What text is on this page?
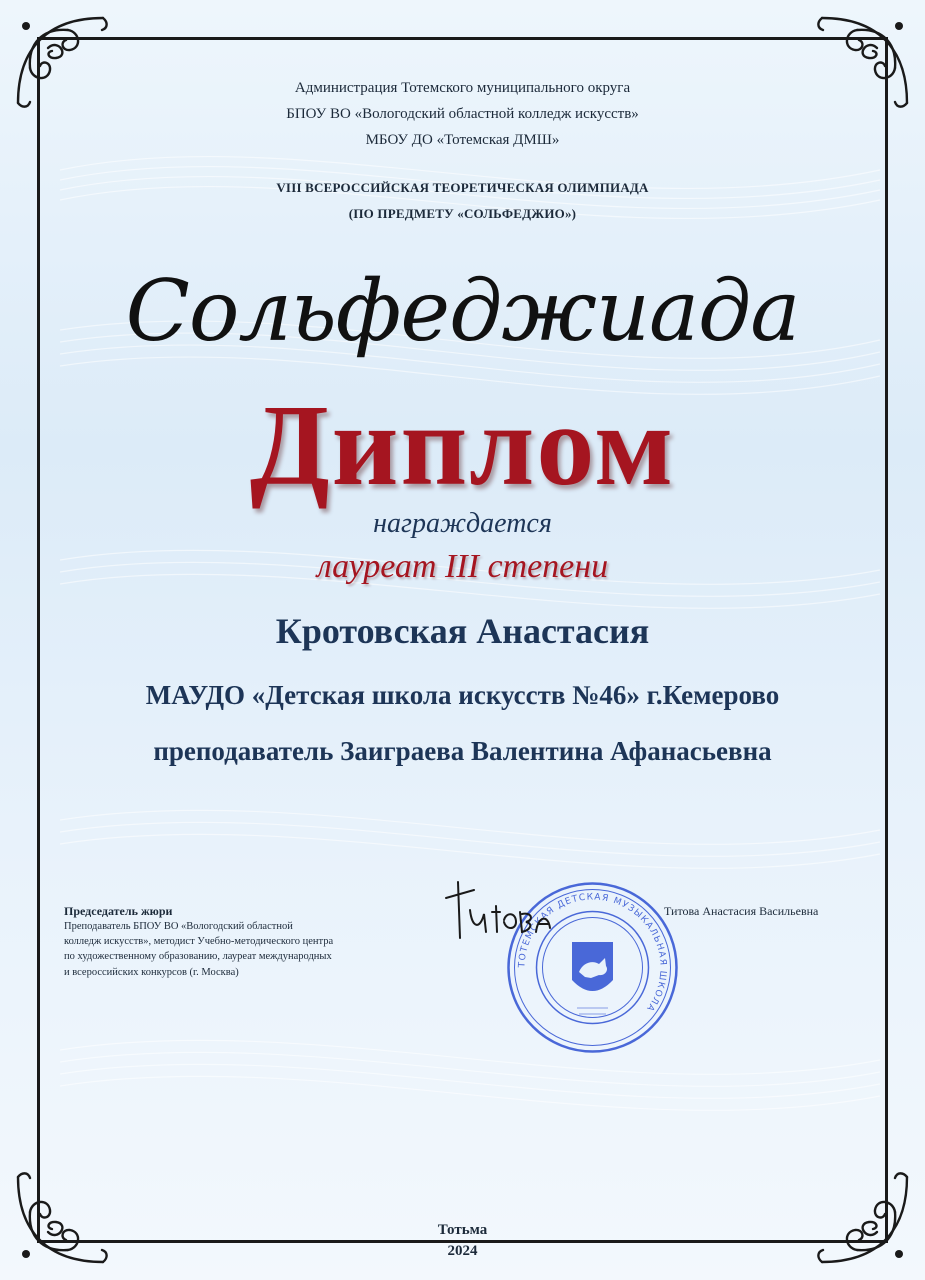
Администрация Тотемского муниципального округа
БПОУ ВО «Вологодский областной колледж искусств»
МБОУ ДО «Тотемская ДМШ»
VIII ВСЕРОССИЙСКАЯ ТЕОРЕТИЧЕСКАЯ ОЛИМПИАДА
(ПО ПРЕДМЕТУ «СОЛЬФЕДЖИО»)
Сольфеджиада
Диплом
награждается
лауреат III степени
Кротовская Анастасия
МАУДО «Детская школа искусств №46» г.Кемерово
преподаватель Заиграева Валентина Афанасьевна
Председатель жюри
Преподаватель БПОУ ВО «Вологодский областной
колледж искусств», методист Учебно-методического центра
по художественному образованию, лауреат международных
и всероссийских конкурсов (г. Москва)
Титова Анастасия Васильевна
ТОТЕМСКАЯ ДЕТСКАЯ МУЗЫКАЛЬНАЯ ШКОЛА
Тотьма
2024
